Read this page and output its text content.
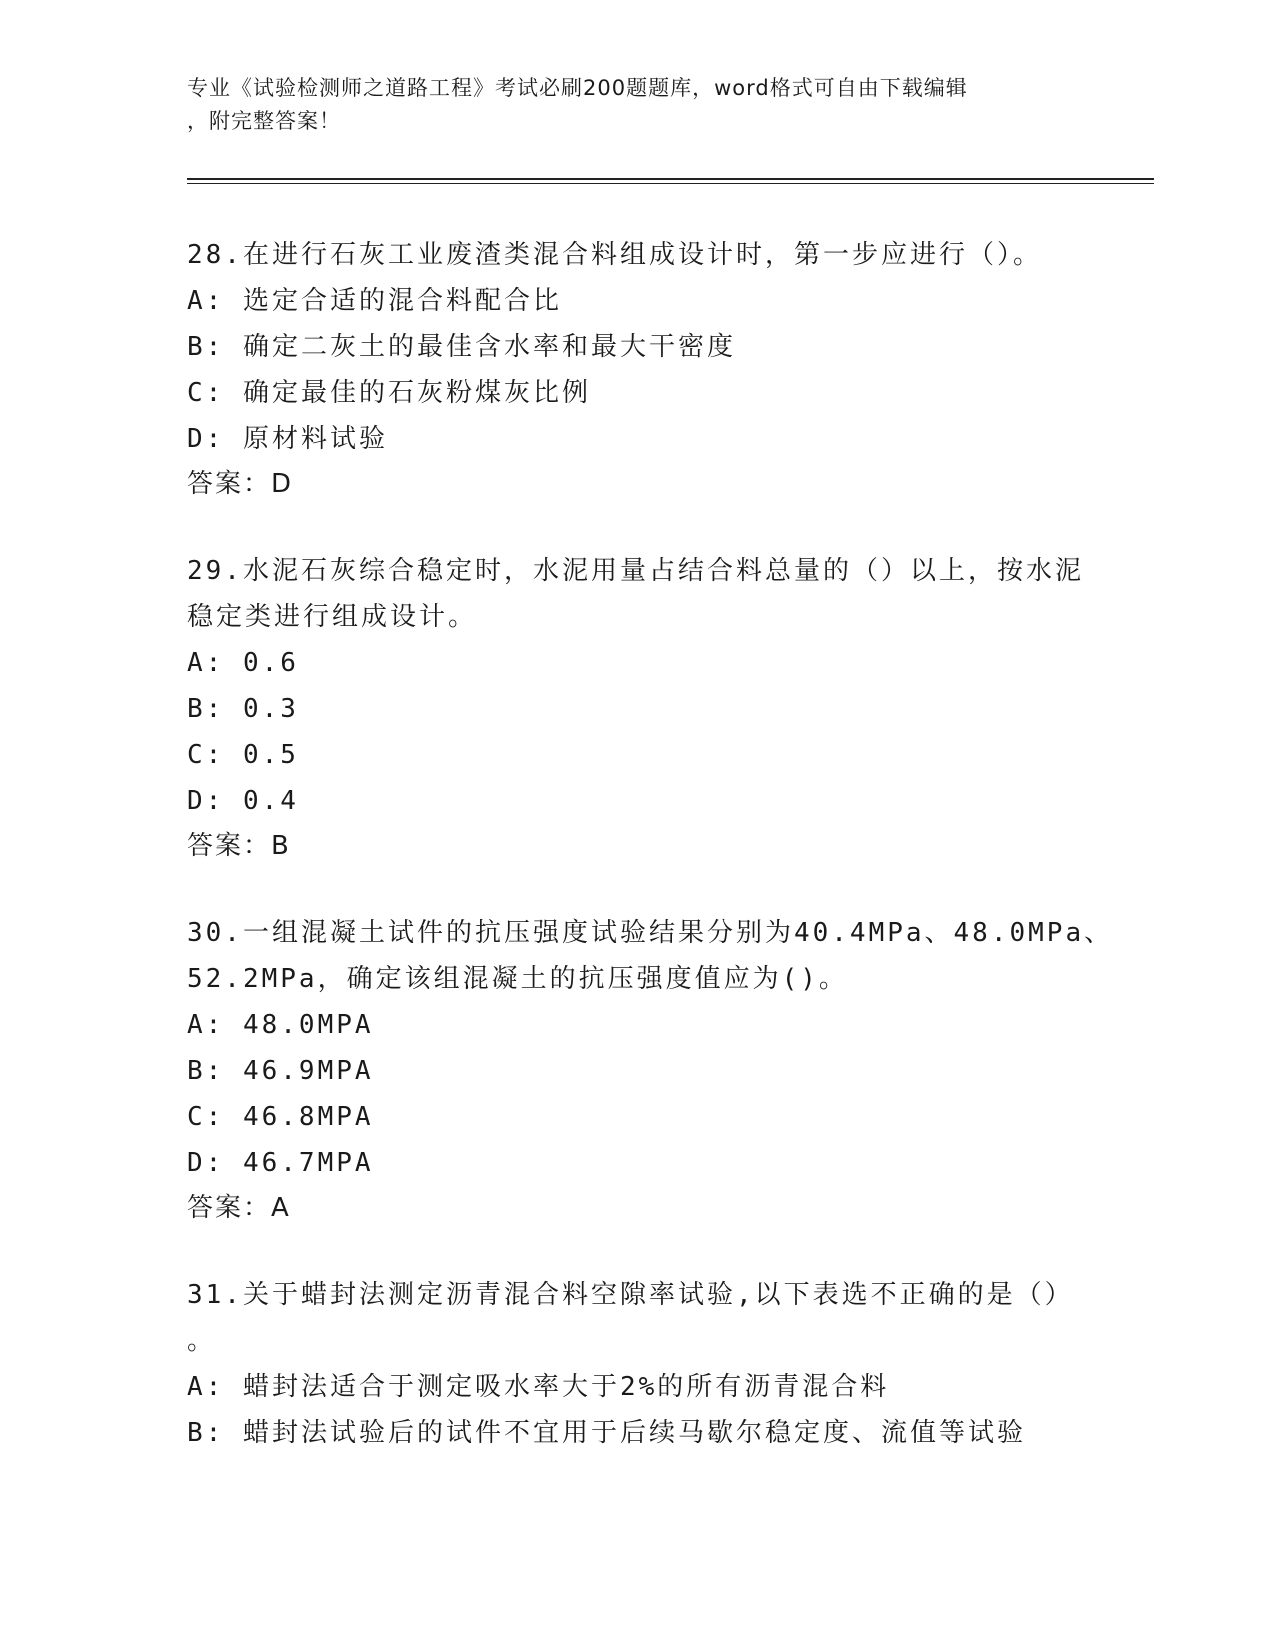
专业《试验检测师之道路工程》考试必刷200题题库，word格式可自由下载编辑
，附完整答案！
28.在进行石灰工业废渣类混合料组成设计时，第一步应进行（）。

A: 选定合适的混合料配合比

B: 确定二灰土的最佳含水率和最大干密度

C: 确定最佳的石灰粉煤灰比例

D: 原材料试验

答案：D

29.水泥石灰综合稳定时，水泥用量占结合料总量的（）以上，按水泥
稳定类进行组成设计。

A: 0.6

B: 0.3

C: 0.5

D: 0.4

答案：B

30.一组混凝土试件的抗压强度试验结果分别为40.4MPa、48.0MPa、
52.2MPa，确定该组混凝土的抗压强度值应为()。

A: 48.0MPA

B: 46.9MPA

C: 46.8MPA

D: 46.7MPA

答案：A

31.关于蜡封法测定沥青混合料空隙率试验,以下表选不正确的是（）
。

A: 蜡封法适合于测定吸水率大于2%的所有沥青混合料

B: 蜡封法试验后的试件不宜用于后续马歇尔稳定度、流值等试验
